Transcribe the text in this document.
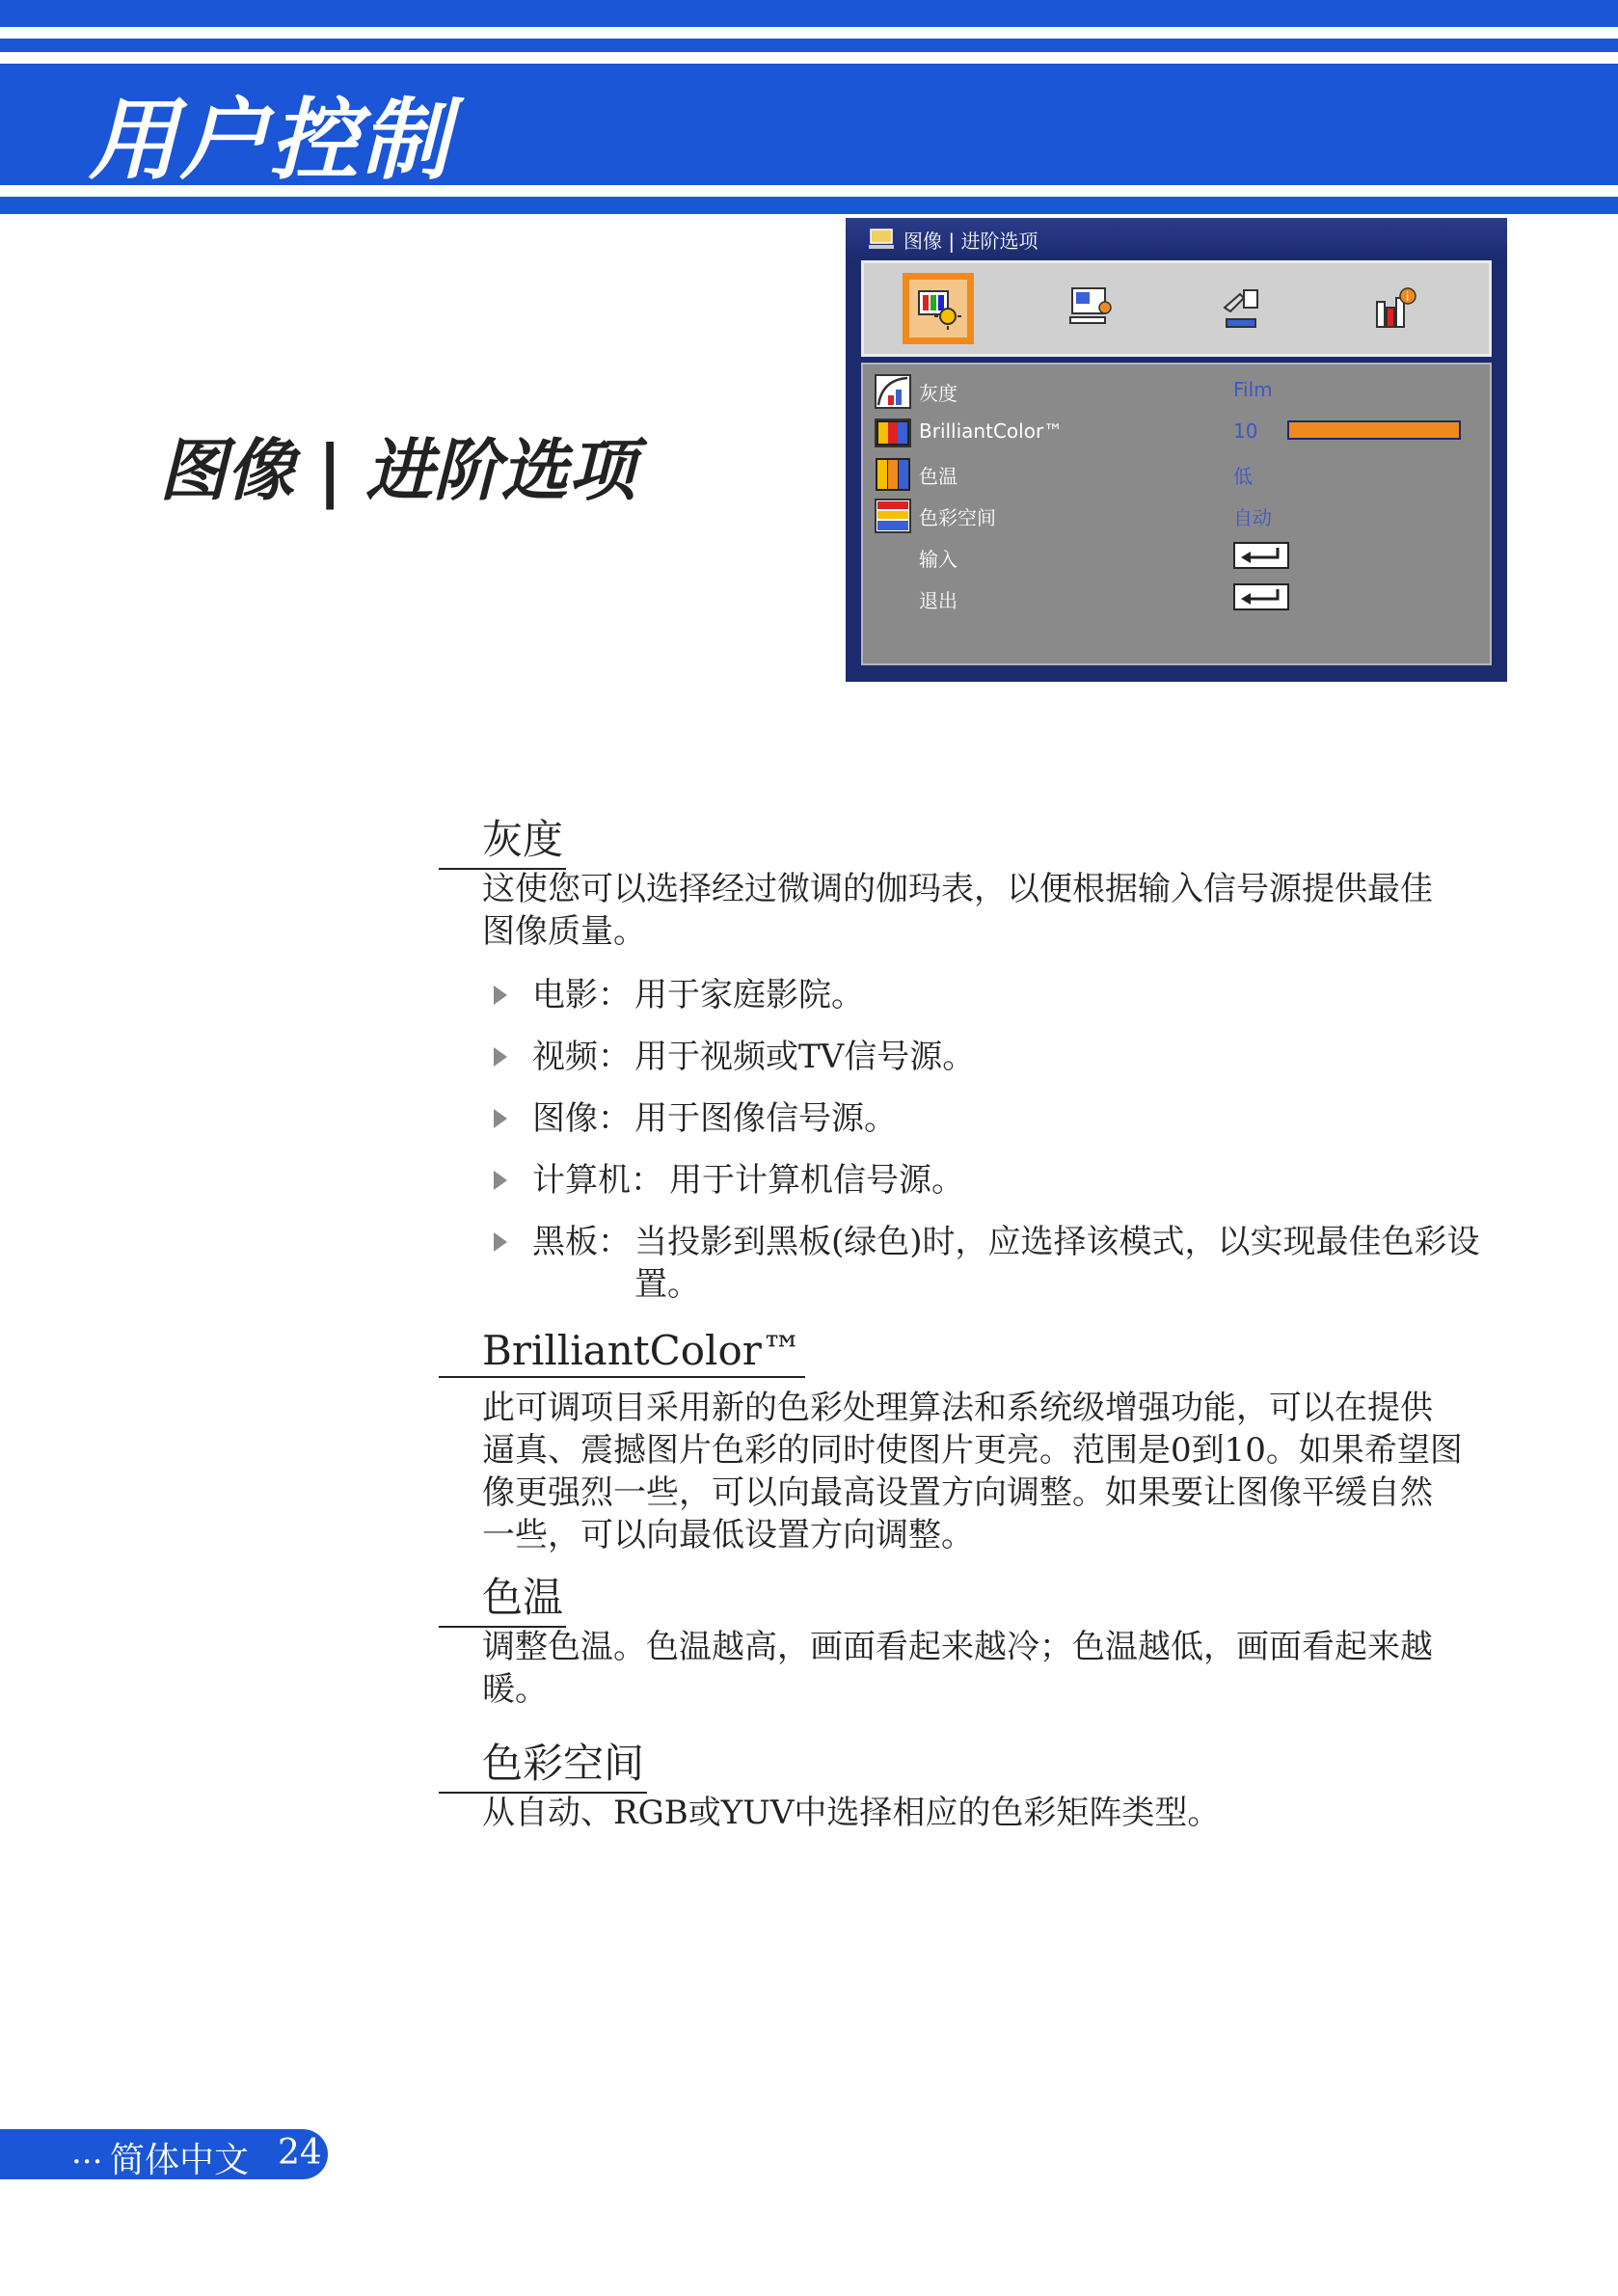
用户控制
图像 | 进阶选项
图像 | 进阶选项
i
灰度	Film
BrilliantColor™	10
色温	低
色彩空间	自动
输入
退出
灰度

这使您可以选择经过微调的伽玛表，以便根据输入信号源提供最佳
图像质量。

电影： 用于家庭影院。
视频： 用于视频或TV信号源。
图像： 用于图像信号源。
计算机： 用于计算机信号源。
黑板： 当投影到黑板(绿色)时，应选择该模式，以实现最佳色彩设
置。
BrilliantColor™

此可调项目采用新的色彩处理算法和系统级增强功能，可以在提供
逼真、震撼图片色彩的同时使图片更亮。范围是0到10。如果希望图
像更强烈一些，可以向最高设置方向调整。如果要让图像平缓自然
一些，可以向最低设置方向调整。

色温

调整色温。色温越高，画面看起来越冷；色温越低，画面看起来越
暖。

色彩空间

从自动、RGB或YUV中选择相应的色彩矩阵类型。

... 简体中文 24
